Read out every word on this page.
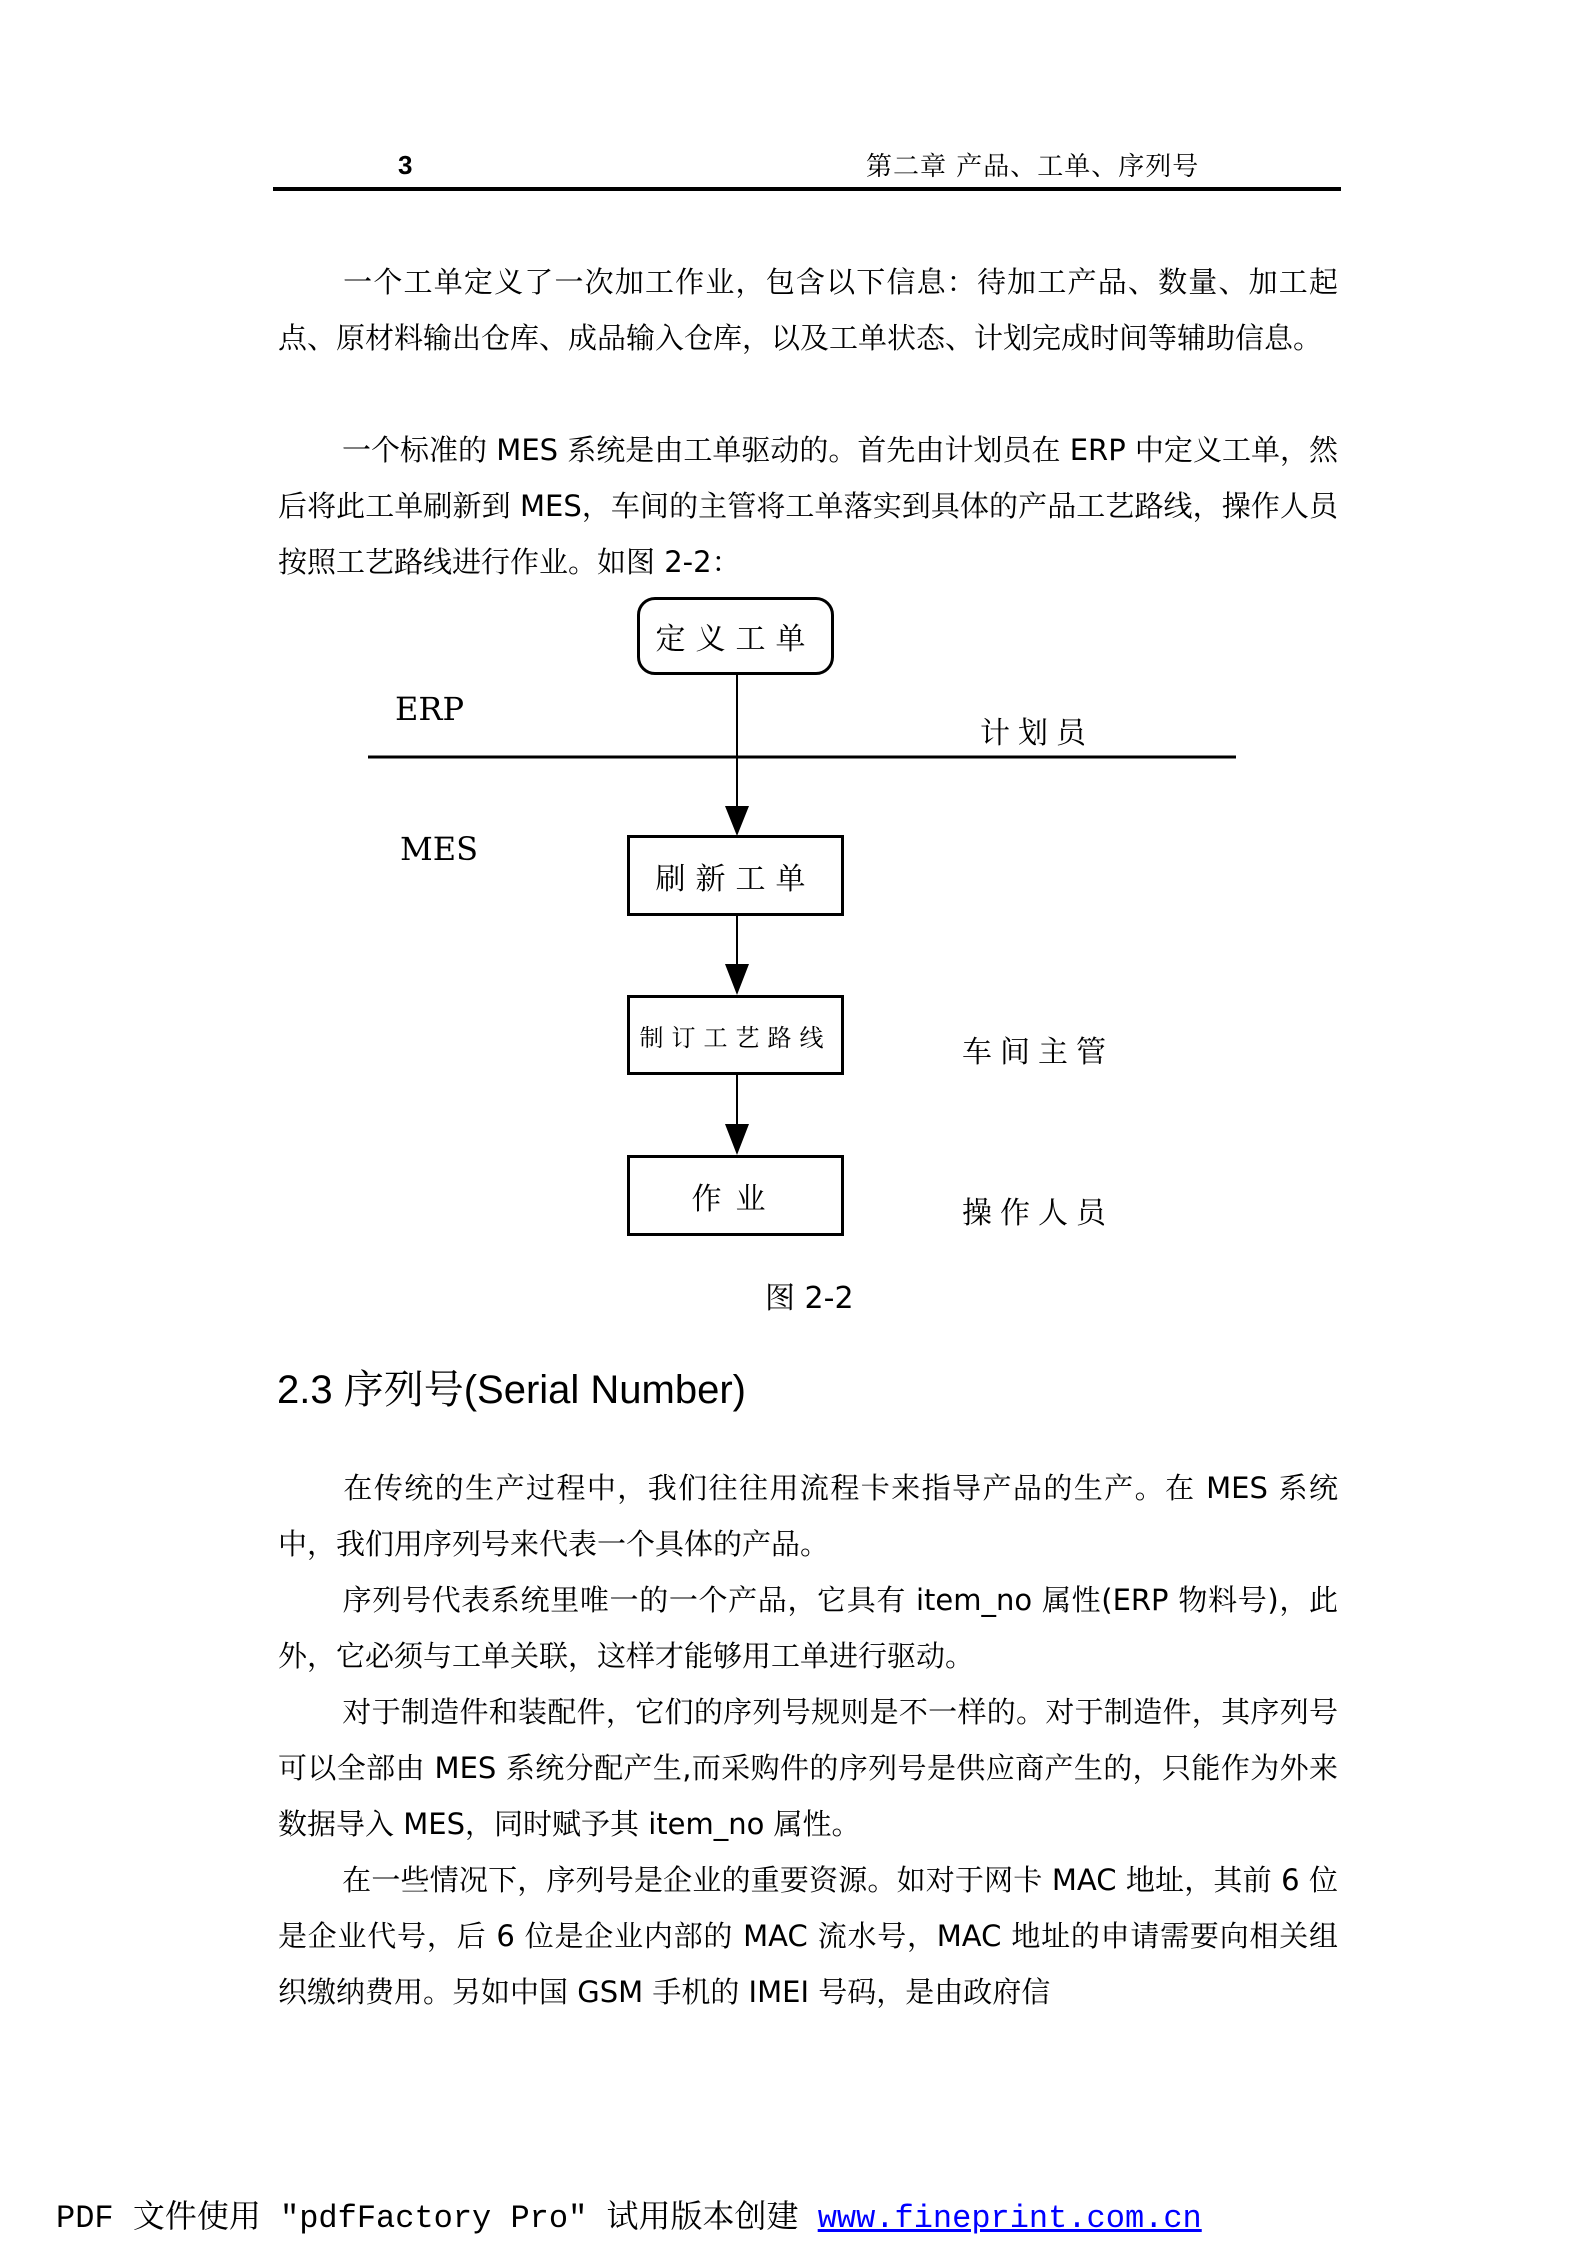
3	第二章 产品、工单、序列号
一个工单定义了一次加工作业，包含以下信息：待加工产品、数量、加工起点、原材料输出仓库、成品输入仓库，以及工单状态、计划完成时间等辅助信息。
一个标准的 MES 系统是由工单驱动的。首先由计划员在 ERP 中定义工单，然后将此工单刷新到 MES，车间的主管将工单落实到具体的产品工艺路线，操作人员按照工艺路线进行作业。如图 2-2：
定义工单
刷新工单
制订工艺路线
作业
ERP
MES
计划员
车间主管
操作人员
图 2-2
2.3 序列号(Serial Number)
在传统的生产过程中，我们往往用流程卡来指导产品的生产。在 MES 系统中，我们用序列号来代表一个具体的产品。
序列号代表系统里唯一的一个产品，它具有 item_no 属性(ERP 物料号)，此外，它必须与工单关联，这样才能够用工单进行驱动。
对于制造件和装配件，它们的序列号规则是不一样的。对于制造件，其序列号可以全部由 MES 系统分配产生,而采购件的序列号是供应商产生的，只能作为外来数据导入 MES，同时赋予其 item_no 属性。
在一些情况下，序列号是企业的重要资源。如对于网卡 MAC 地址，其前 6 位是企业代号，后 6 位是企业内部的 MAC 流水号，MAC 地址的申请需要向相关组织缴纳费用。另如中国 GSM 手机的 IMEI 号码，是由政府信
PDF 文件使用 "pdfFactory Pro" 试用版本创建 www.fineprint.com.cn
